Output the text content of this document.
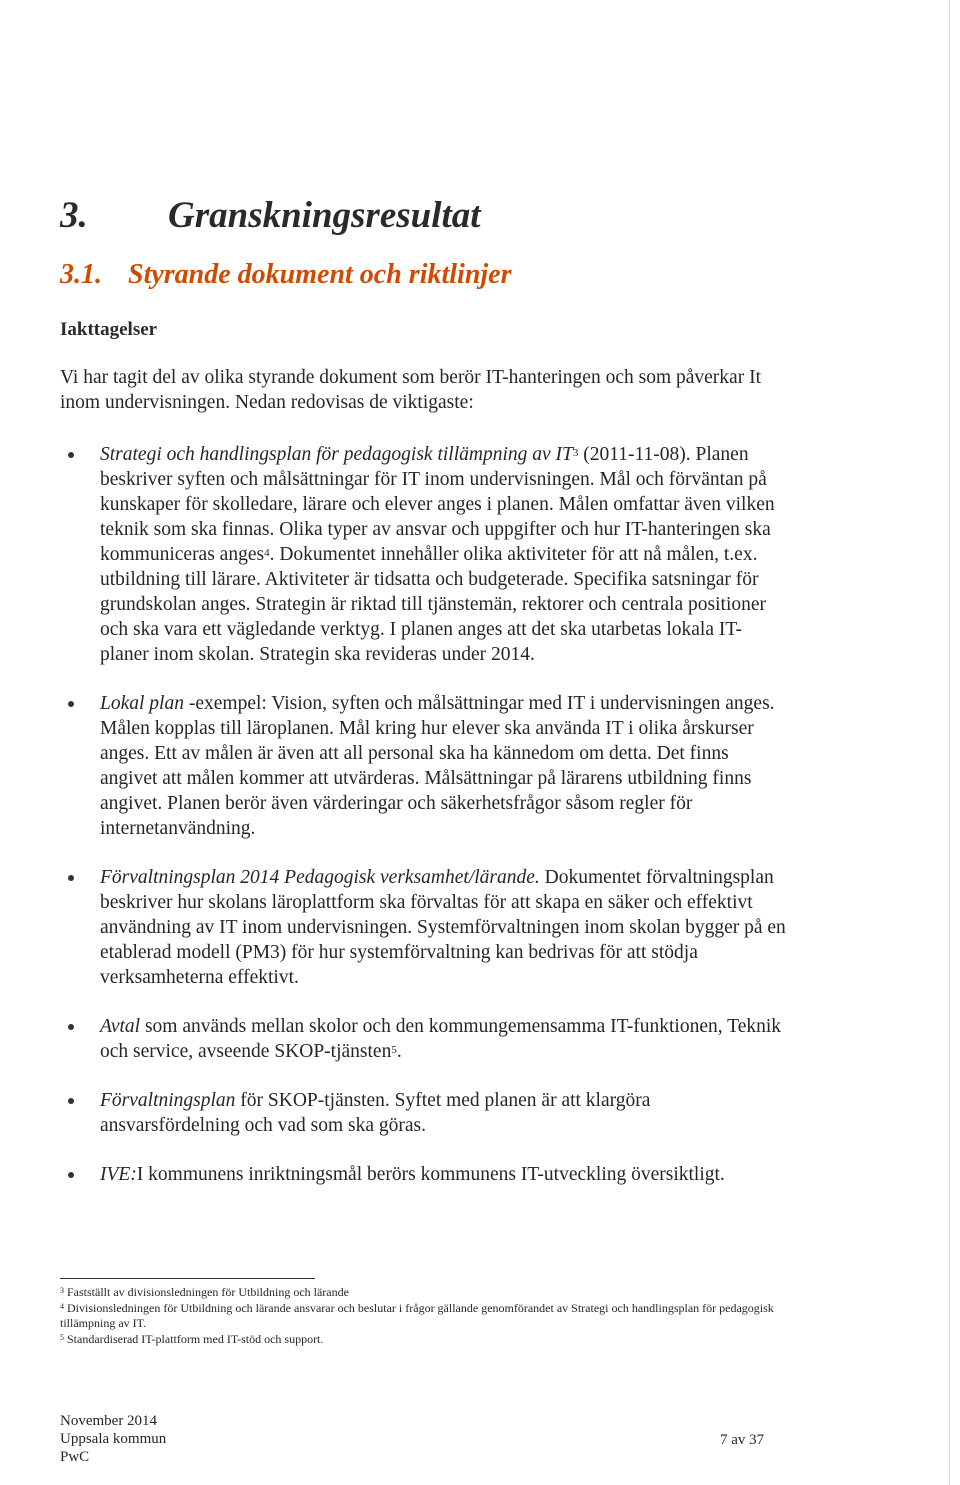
3. Granskningsresultat
3.1. Styrande dokument och riktlinjer
Iakttagelser

Vi har tagit del av olika styrande dokument som berör IT-hanteringen och som påverkar It inom undervisningen. Nedan redovisas de viktigaste:

Strategi och handlingsplan för pedagogisk tillämpning av $IT^3$ (2011-11-08). Planen beskriver syften och målsättningar för IT inom undervisningen. Mål och förväntan på kunskaper för skolledare, lärare och elever anges i planen. Målen omfattar även vilken teknik som ska finnas. Olika typer av ansvar och uppgifter och hur IT-hanteringen ska kommuniceras anges$^4$. Dokumentet innehåller olika aktiviteter för att nå målen, t.ex. utbildning till lärare. Aktiviteter är tidsatta och budgeterade. Specifika satsningar för grundskolan anges. Strategin är riktad till tjänstemän, rektorer och centrala positioner och ska vara ett vägledande verktyg. I planen anges att det ska utarbetas lokala IT-planer inom skolan. Strategin ska revideras under 2014.
Lokal plan -exempel: Vision, syften och målsättningar med IT i undervisningen anges. Målen kopplas till läroplanen. Mål kring hur elever ska använda IT i olika årskurser anges. Ett av målen är även att all personal ska ha kännedom om detta. Det finns angivet att målen kommer att utvärderas. Målsättningar på lärarens utbildning finns angivet. Planen berör även värderingar och säkerhetsfrågor såsom regler för internetanvändning.
Förvaltningsplan 2014 Pedagogisk verksamhet/lärande. Dokumentet förvaltningsplan beskriver hur skolans läroplattform ska förvaltas för att skapa en säker och effektivt användning av IT inom undervisningen. Systemförvaltningen inom skolan bygger på en etablerad modell (PM3) för hur systemförvaltning kan bedrivas för att stödja verksamheterna effektivt.
Avtal som används mellan skolor och den kommungemensamma IT-funktionen, Teknik och service, avseende SKOP-tjänsten$^5$.
Förvaltningsplan för SKOP-tjänsten. Syftet med planen är att klargöra ansvarsfördelning och vad som ska göras.
IVE:I kommunens inriktningsmål berörs kommunens IT-utveckling översiktligt.
$^3$ Fastställt av divisionsledningen för Utbildning och lärande
$^4$ Divisionsledningen för Utbildning och lärande ansvarar och beslutar i frågor gällande genomförandet av Strategi och handlingsplan för pedagogisk tillämpning av IT.
$^5$ Standardiserad IT-plattform med IT-stöd och support.
November 2014
Uppsala kommun
PwC
7 av 37
